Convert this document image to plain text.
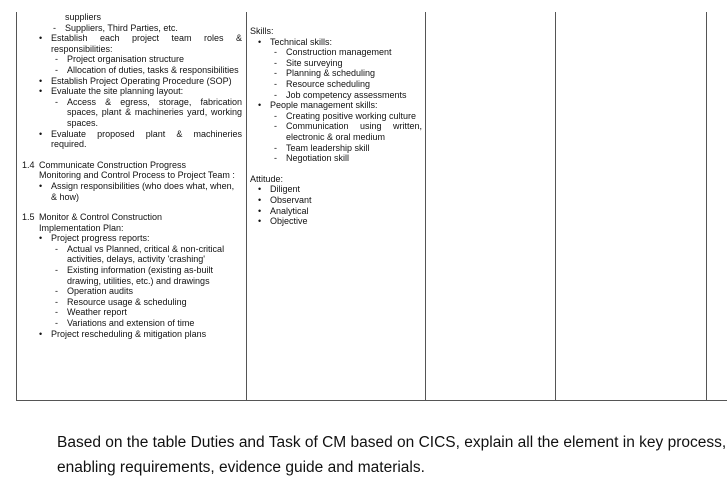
suppliers
- Suppliers, Third Parties, etc.
• Establish each project team roles & responsibilities:
- Project organisation structure
- Allocation of duties, tasks & responsibilities
• Establish Project Operating Procedure (SOP)
• Evaluate the site planning layout:
- Access & egress, storage, fabrication spaces, plant & machineries yard, working spaces.
• Evaluate proposed plant & machineries required.
1.4 Communicate Construction Progress
Monitoring and Control Process to Project Team :
• Assign responsibilities (who does what, when, & how)
1.5 Monitor & Control Construction
Implementation Plan:
• Project progress reports:
- Actual vs Planned, critical & non-critical activities, delays, activity 'crashing'
- Existing information (existing as-built drawing, utilities, etc.) and drawings
- Operation audits
- Resource usage & scheduling
- Weather report
- Variations and extension of time
• Project rescheduling & mitigation plans
Skills:
• Technical skills:
- Construction management
- Site surveying
- Planning & scheduling
- Resource scheduling
- Job competency assessments
• People management skills:
- Creating positive working culture
- Communication using written, electronic & oral medium
- Team leadership skill
- Negotiation skill
Attitude:
• Diligent
• Observant
• Analytical
• Objective
Based on the table Duties and Task of CM based on CICS, explain all the element in key process, enabling requirements, evidence guide and materials.
